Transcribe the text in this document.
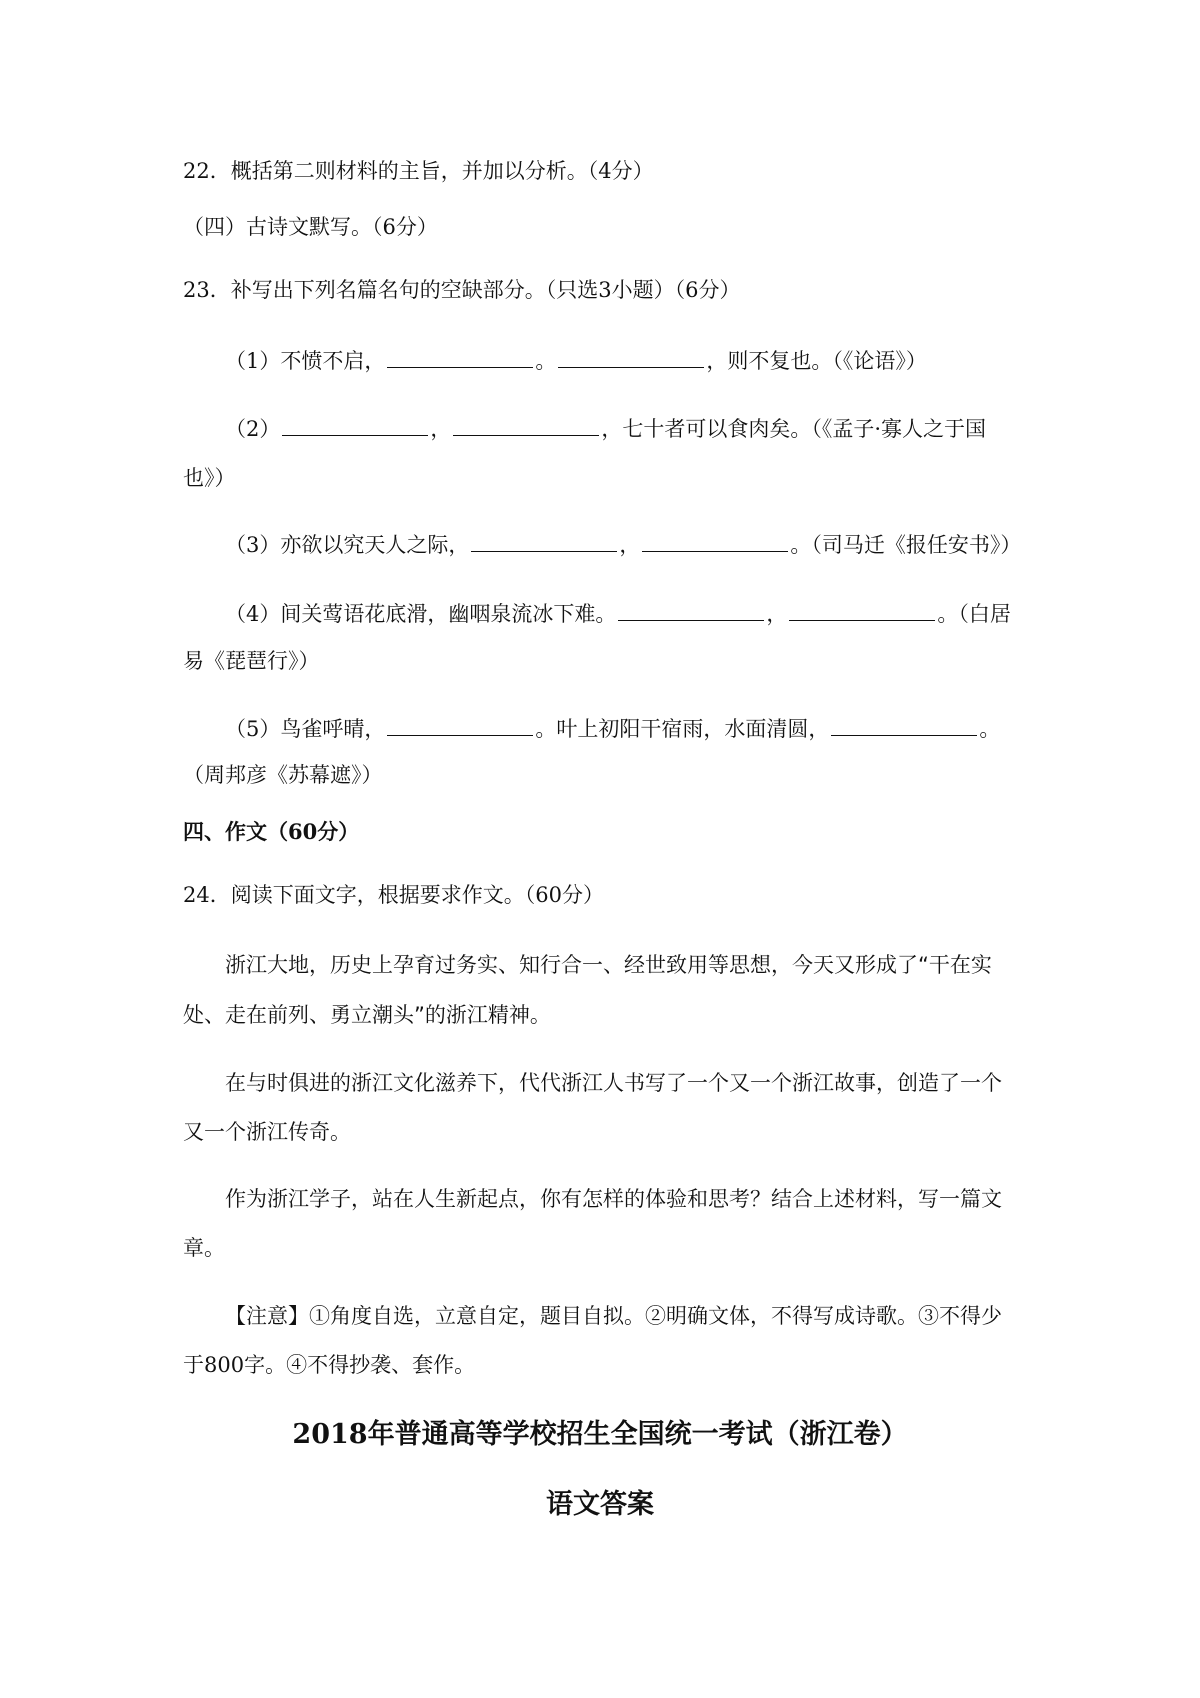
22．概括第二则材料的主旨，并加以分析。（4分）
（四）古诗文默写。（6分）
23．补写出下列名篇名句的空缺部分。（只选3小题）（6分）
（1）不愤不启，	。	，则不复也。（《论语》）
（2）	，	，七十者可以食肉矣。（《孟子·寡人之于国
也》）
（3）亦欲以究天人之际，	，	。（司马迁《报任安书》）
（4）间关莺语花底滑，幽咽泉流冰下难。	，	。（白居
易《琵琶行》）
（5）鸟雀呼晴，	。叶上初阳干宿雨，水面清圆，	。
（周邦彦《苏幕遮》）
四、作文（60分）
24．阅读下面文字，根据要求作文。（60分）
浙江大地，历史上孕育过务实、知行合一、经世致用等思想，今天又形成了“干在实
处、走在前列、勇立潮头”的浙江精神。
在与时俱进的浙江文化滋养下，代代浙江人书写了一个又一个浙江故事，创造了一个
又一个浙江传奇。
作为浙江学子，站在人生新起点，你有怎样的体验和思考？结合上述材料，写一篇文
章。
【注意】①角度自选，立意自定，题目自拟。②明确文体，不得写成诗歌。③不得少
于800字。④不得抄袭、套作。
2018年普通高等学校招生全国统一考试（浙江卷）
语文答案
